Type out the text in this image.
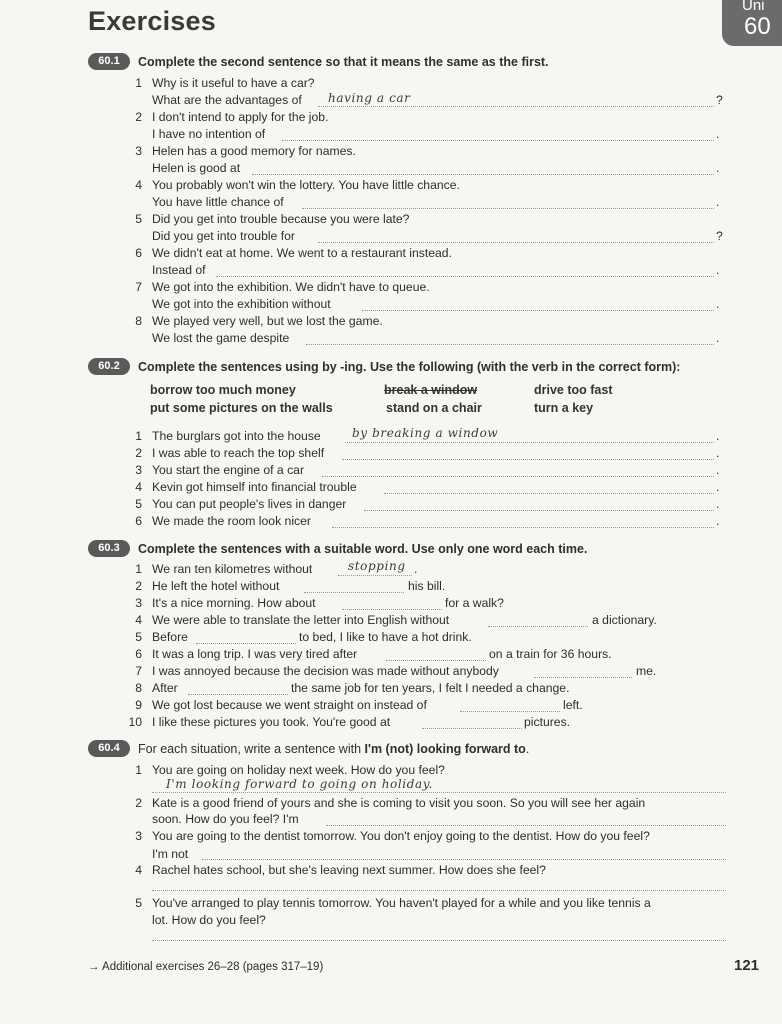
Exercises
Uni
60
60.1	Complete the second sentence so that it means the same as the first.
1 Why is it useful to have a car?
What are the advantages of having a car	?
2 I don't intend to apply for the job.
I have no intention of	.
3 Helen has a good memory for names.
Helen is good at	.
4 You probably won't win the lottery. You have little chance.
You have little chance of	.
5 Did you get into trouble because you were late?
Did you get into trouble for	?
6 We didn't eat at home. We went to a restaurant instead.
Instead of	.
7 We got into the exhibition. We didn't have to queue.
We got into the exhibition without	.
8 We played very well, but we lost the game.
We lost the game despite	.
60.2	Complete the sentences using by -ing. Use the following (with the verb in the correct form):
borrow too much money	break a window	drive too fast
put some pictures on the walls	stand on a chair	turn a key
1 The burglars got into the house	by breaking a window	.
2 I was able to reach the top shelf	.
3 You start the engine of a car	.
4 Kevin got himself into financial trouble	.
5 You can put people's lives in danger	.
6 We made the room look nicer	.
60.3	Complete the sentences with a suitable word. Use only one word each time.
1 We ran ten kilometres without	stopping .
2 He left the hotel without	his bill.
3 It's a nice morning. How about	for a walk?
4 We were able to translate the letter into English without	a dictionary.
5 Before	to bed, I like to have a hot drink.
6 It was a long trip. I was very tired after	on a train for 36 hours.
7 I was annoyed because the decision was made without anybody	me.
8 After	the same job for ten years, I felt I needed a change.
9 We got lost because we went straight on instead of	left.
10 I like these pictures you took. You're good at	pictures.
60.4	For each situation, write a sentence with I'm (not) looking forward to.
1 You are going on holiday next week. How do you feel?
I'm looking forward to going on holiday.
2 Kate is a good friend of yours and she is coming to visit you soon. So you will see her again
soon. How do you feel? I'm
3 You are going to the dentist tomorrow. You don't enjoy going to the dentist. How do you feel?
I'm not
4 Rachel hates school, but she's leaving next summer. How does she feel?
5 You've arranged to play tennis tomorrow. You haven't played for a while and you like tennis a
lot. How do you feel?
→ Additional exercises 26–28 (pages 317–19)	121
